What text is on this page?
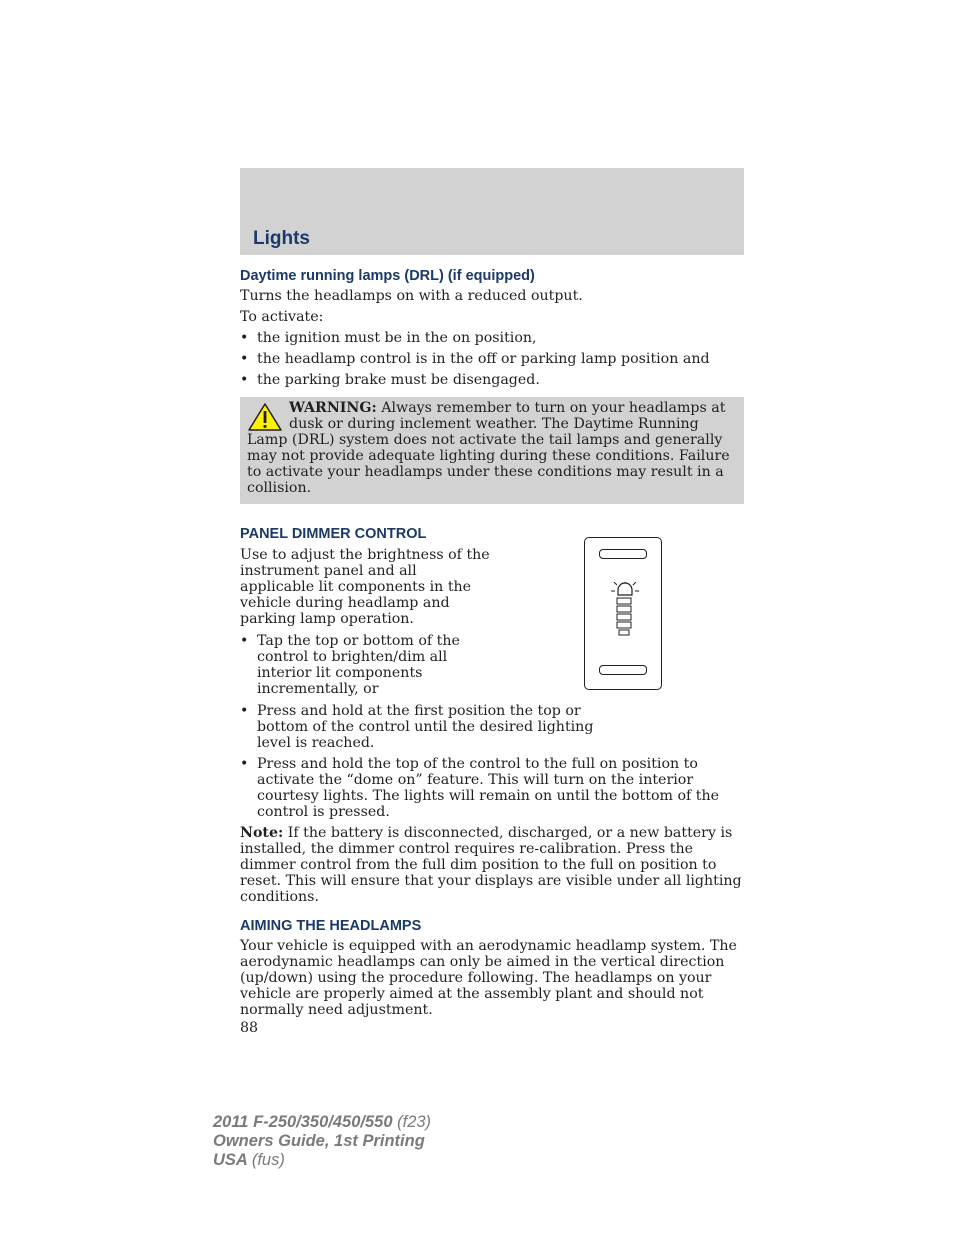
Lights
Daytime running lamps (DRL) (if equipped)

Turns the headlamps on with a reduced output.

To activate:

• the ignition must be in the on position,
• the headlamp control is in the off or parking lamp position and
• the parking brake must be disengaged.
WARNING: Always remember to turn on your headlamps at dusk or during inclement weather. The Daytime Running Lamp (DRL) system does not activate the tail lamps and generally may not provide adequate lighting during these conditions. Failure to activate your headlamps under these conditions may result in a collision.
PANEL DIMMER CONTROL

Use to adjust the brightness of the instrument panel and all applicable lit components in the vehicle during headlamp and parking lamp operation.

• Tap the top or bottom of the control to brighten/dim all interior lit components incrementally, or
• Press and hold at the first position the top or bottom of the control until the desired lighting level is reached.
• Press and hold the top of the control to the full on position to activate the “dome on” feature. This will turn on the interior courtesy lights. The lights will remain on until the bottom of the control is pressed.

Note: If the battery is disconnected, discharged, or a new battery is installed, the dimmer control requires re-calibration. Press the dimmer control from the full dim position to the full on position to reset. This will ensure that your displays are visible under all lighting conditions.

AIMING THE HEADLAMPS

Your vehicle is equipped with an aerodynamic headlamp system. The aerodynamic headlamps can only be aimed in the vertical direction (up/down) using the procedure following. The headlamps on your vehicle are properly aimed at the assembly plant and should not normally need adjustment.

88

2011 F-250/350/450/550 (f23)
Owners Guide, 1st Printing
USA (fus)
